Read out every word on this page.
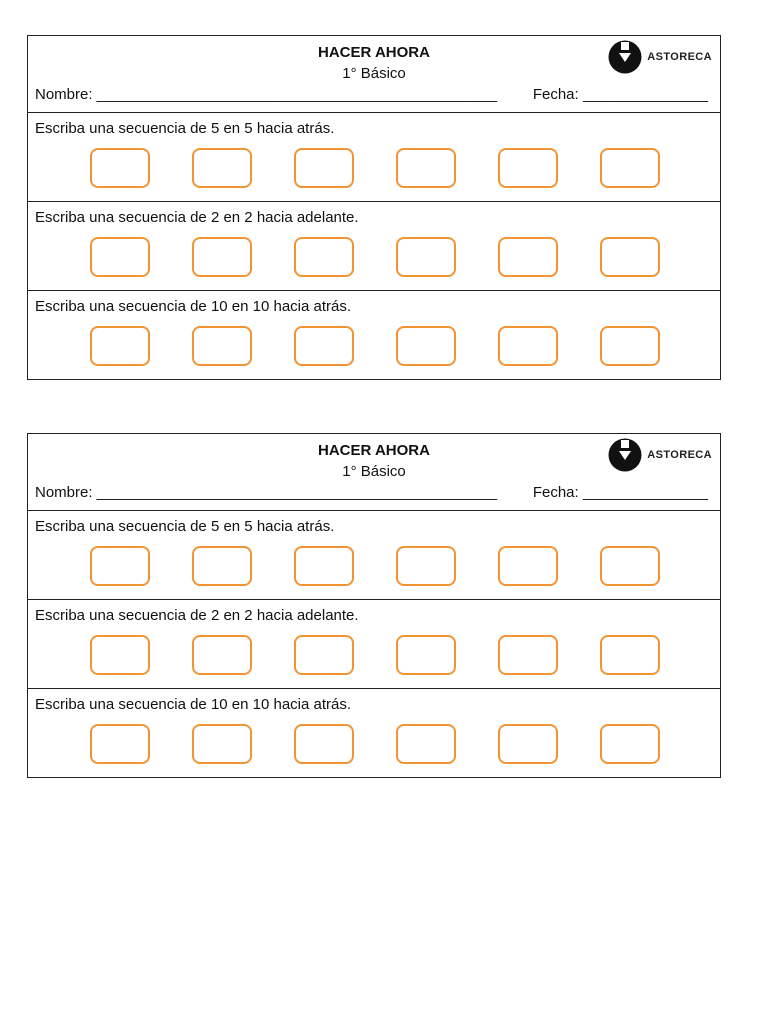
HACER AHORA
1° Básico
Nombre: ________________________________________________ Fecha: _______________
ASTORECA
Escriba una secuencia de 5 en 5 hacia atrás.
Escriba una secuencia de 2 en 2 hacia adelante.
Escriba una secuencia de 10 en 10 hacia atrás.
HACER AHORA
1° Básico
Nombre: ________________________________________________ Fecha: _______________
ASTORECA
Escriba una secuencia de 5 en 5 hacia atrás.
Escriba una secuencia de 2 en 2 hacia adelante.
Escriba una secuencia de 10 en 10 hacia atrás.
